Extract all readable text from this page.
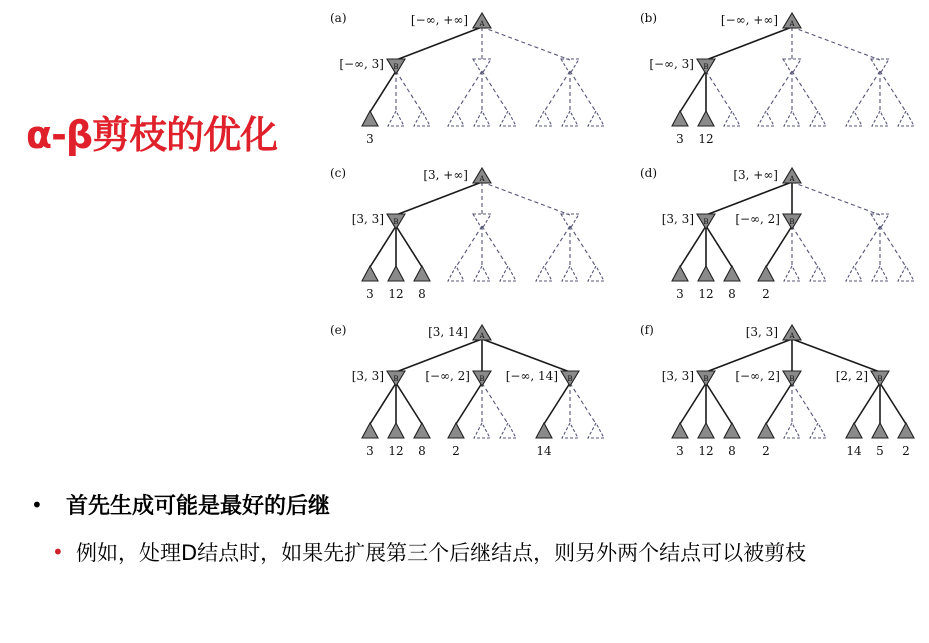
α-β剪枝的优化
(a)
3
B
[−∞, 3]
A
[−∞, +∞]	(b)
3 12
B
[−∞, 3]
A
[−∞, +∞]
(c)
3 12 8
B
[3, 3]
A
[3, +∞]	(d)
3 12 8
B
[3, 3]
2
B
[−∞, 2]
A
[3, +∞]
(e)
3 12 8
B
[3, 3]
2
B
[−∞, 2]
14
B
[−∞, 14]
A
[3, 14]	(f)
3 12 8
B
[3, 3]
2
B
[−∞, 2]
14 5 2
B
[2, 2]
A
[3, 3]
• 首先生成可能是最好的后继
• 例如，处理D结点时，如果先扩展第三个后继结点，则另外两个结点可以被剪枝
